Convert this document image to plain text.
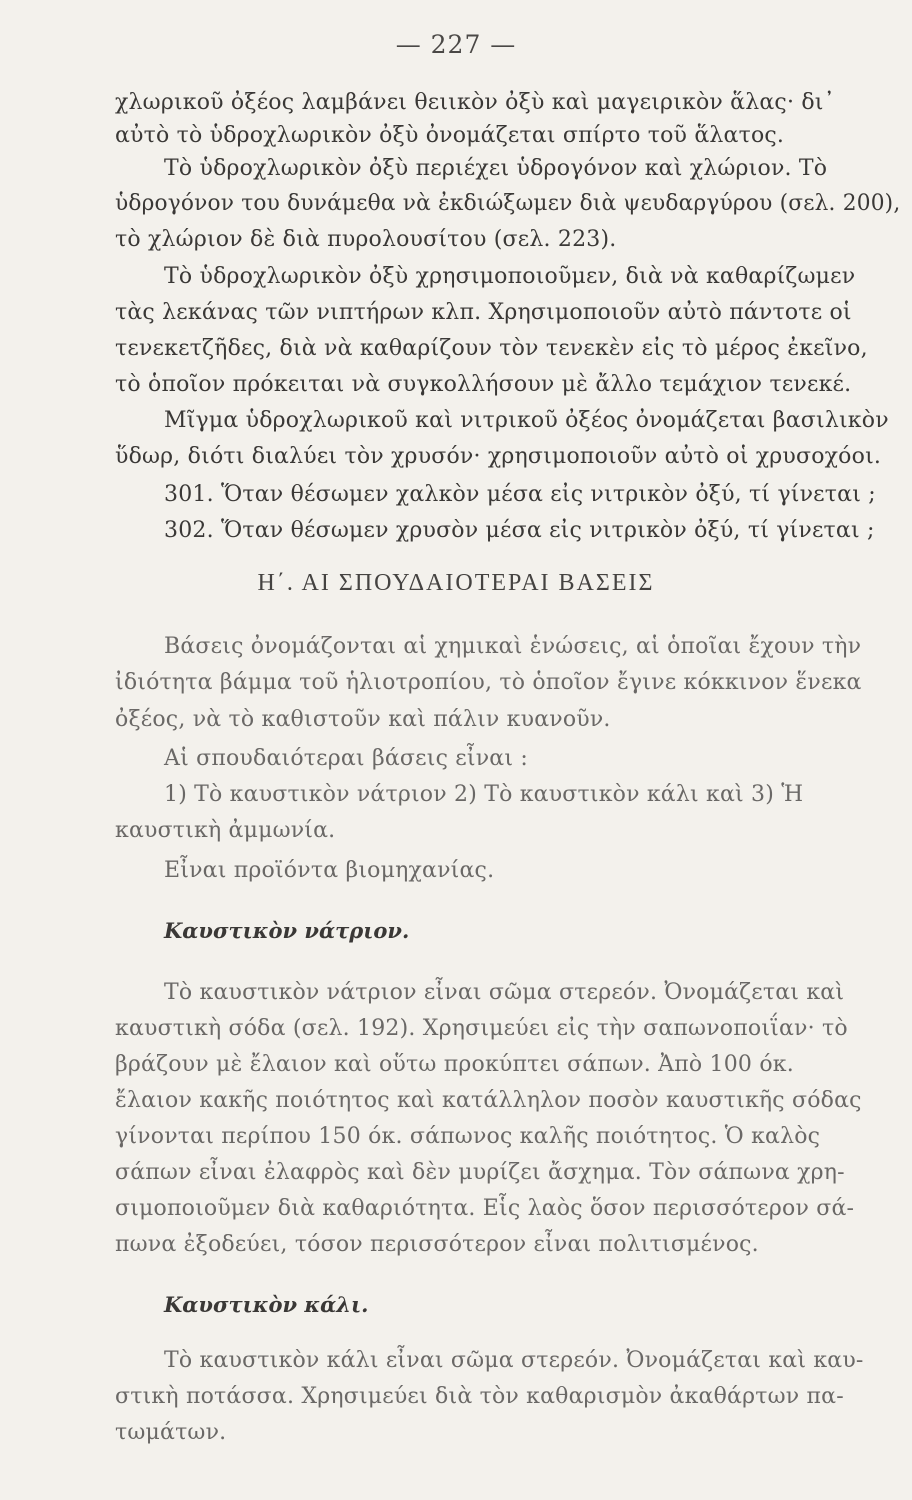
— 227 —
χλωρικοῦ ὀξέος λαμβάνει θειικὸν ὀξὺ καὶ μαγειρικὸν ἅλας· δι᾽
αὐτὸ τὸ ὑδροχλωρικὸν ὀξὺ ὀνομάζεται σπίρτο τοῦ ἅλατος.
Τὸ ὑδροχλωρικὸν ὀξὺ περιέχει ὑδρογόνον καὶ χλώριον. Τὸ
ὑδρογόνον του δυνάμεθα νὰ ἐκδιώξωμεν διὰ ψευδαργύρου (σελ. 200),
τὸ χλώριον δὲ διὰ πυρολουσίτου (σελ. 223).
Τὸ ὑδροχλωρικὸν ὀξὺ χρησιμοποιοῦμεν, διὰ νὰ καθαρίζωμεν
τὰς λεκάνας τῶν νιπτήρων κλπ. Χρησιμοποιοῦν αὐτὸ πάντοτε οἱ
τενεκετζῆδες, διὰ νὰ καθαρίζουν τὸν τενεκὲν εἰς τὸ μέρος ἐκεῖνο,
τὸ ὁποῖον πρόκειται νὰ συγκολλήσουν μὲ ἄλλο τεμάχιον τενεκέ.
Μῖγμα ὑδροχλωρικοῦ καὶ νιτρικοῦ ὀξέος ὀνομάζεται βασιλικὸν
ὕδωρ, διότι διαλύει τὸν χρυσόν· χρησιμοποιοῦν αὐτὸ οἱ χρυσοχόοι.
301. Ὅταν θέσωμεν χαλκὸν μέσα εἰς νιτρικὸν ὀξύ, τί γίνεται ;
302. Ὅταν θέσωμεν χρυσὸν μέσα εἰς νιτρικὸν ὀξύ, τί γίνεται ;
Η΄. ΑΙ ΣΠΟΥΔΑΙΟΤΕΡΑΙ ΒΑΣΕΙΣ
Βάσεις ὀνομάζονται αἱ χημικαὶ ἑνώσεις, αἱ ὁποῖαι ἔχουν τὴν
ἰδιότητα βάμμα τοῦ ἡλιοτροπίου, τὸ ὁποῖον ἔγινε κόκκινον ἕνεκα
ὀξέος, νὰ τὸ καθιστοῦν καὶ πάλιν κυανοῦν.
Αἱ σπουδαιότεραι βάσεις εἶναι :
1) Τὸ καυστικὸν νάτριον 2) Τὸ καυστικὸν κάλι καὶ 3) Ἡ
καυστικὴ ἀμμωνία.
Εἶναι προϊόντα βιομηχανίας.
Καυστικὸν νάτριον.
Τὸ καυστικὸν νάτριον εἶναι σῶμα στερεόν. Ὀνομάζεται καὶ
καυστικὴ σόδα (σελ. 192). Χρησιμεύει εἰς τὴν σαπωνοποιΐαν· τὸ
βράζουν μὲ ἔλαιον καὶ οὕτω προκύπτει σάπων. Ἀπὸ 100 όκ.
ἔλαιον κακῆς ποιότητος καὶ κατάλληλον ποσὸν καυστικῆς σόδας
γίνονται περίπου 150 όκ. σάπωνος καλῆς ποιότητος. Ὁ καλὸς
σάπων εἶναι ἐλαφρὸς καὶ δὲν μυρίζει ἄσχημα. Τὸν σάπωνα χρη-
σιμοποιοῦμεν διὰ καθαριότητα. Εἷς λαὸς ὅσον περισσότερον σά-
πωνα ἐξοδεύει, τόσον περισσότερον εἶναι πολιτισμένος.
Καυστικὸν κάλι.
Τὸ καυστικὸν κάλι εἶναι σῶμα στερεόν. Ὀνομάζεται καὶ καυ-
στικὴ ποτάσσα. Χρησιμεύει διὰ τὸν καθαρισμὸν ἀκαθάρτων πα-
τωμάτων.
